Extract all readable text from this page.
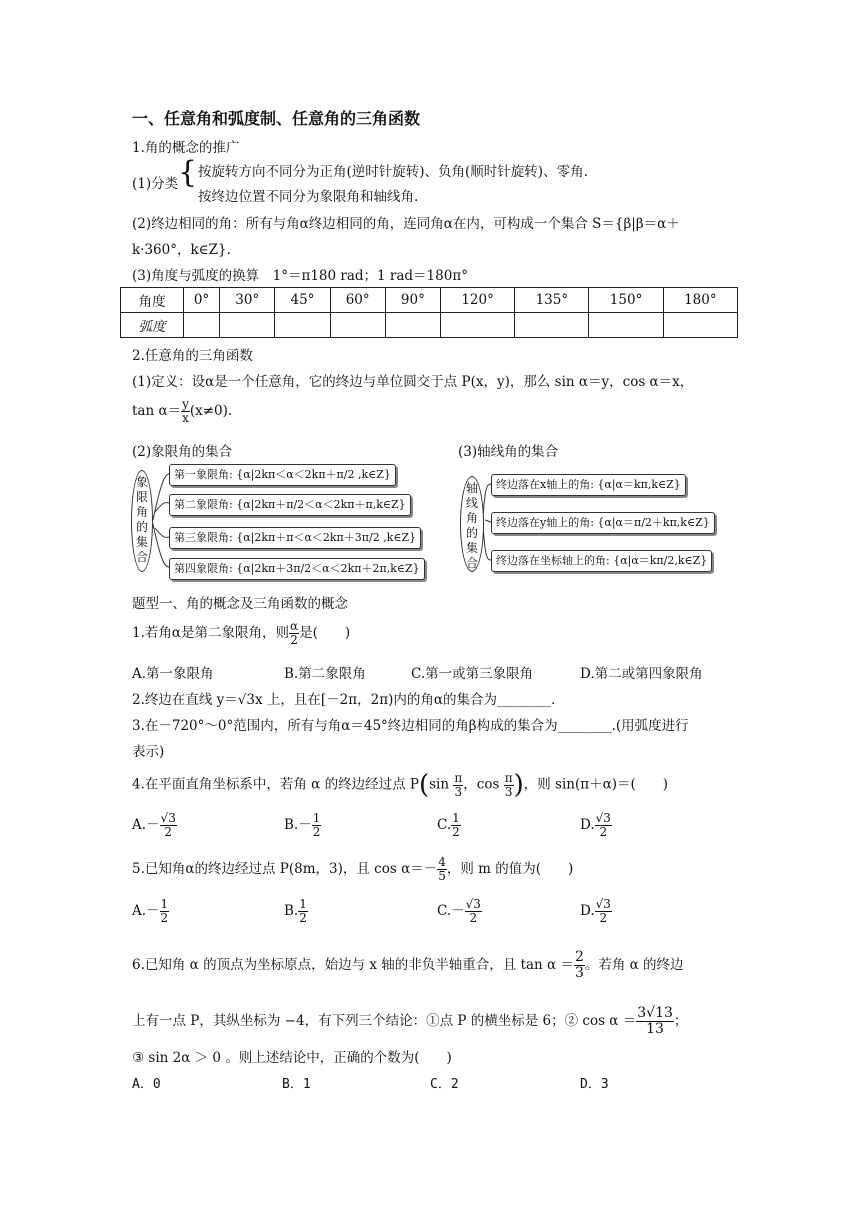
一、任意角和弧度制、任意角的三角函数
1.角的概念的推广
(1)分类 { 按旋转方向不同分为正角(逆时针旋转)、负角(顺时针旋转)、零角.
按终边位置不同分为象限角和轴线角.
(2)终边相同的角：所有与角α终边相同的角，连同角α在内，可构成一个集合 S＝{β|β＝α＋
k·360°，k∈Z}.
(3)角度与弧度的换算　1°＝π180 rad；1 rad＝180π°
角度	0°	30°	45°	60°	90°	120°	135°	150°	180°
弧度									
2.任意角的三角函数
(1)定义：设α是一个任意角，它的终边与单位圆交于点 P(x，y)，那么 sin α＝y，cos α＝x，
$\tan \alpha= \frac{y}{x} (x\ne 0)$.
(2)象限角的集合	(3)轴线角的集合
象限角的集合
第一象限角: {α|2kπ＜α＜2kπ＋π/2 ,k∈Z}
第二象限角: {α|2kπ＋π/2＜α＜2kπ＋π,k∈Z}
第三象限角: {α|2kπ＋π＜α＜2kπ＋3π/2 ,k∈Z}
第四象限角: {α|2kπ＋3π/2＜α＜2kπ＋2π,k∈Z}
轴线角的集合
终边落在x轴上的角: {α|α＝kπ,k∈Z}
终边落在y轴上的角: {α|α＝π/2＋kπ,k∈Z}
终边落在坐标轴上的角: {α|α＝kπ/2,k∈Z}
题型一、角的概念及三角函数的概念
1.若角α是第二象限角，则 $\frac{\alpha}{2}$ 是(　　)
A.第一象限角	B.第二象限角	C.第一或第三象限角	D.第二或第四象限角
2.终边在直线 y＝√3x 上，且在[－2π，2π)内的角α的集合为________.
3.在－720°～0°范围内，所有与角α＝45°终边相同的角β构成的集合为________.(用弧度进行
表示)
4.在平面直角坐标系中，若角 α 的终边经过点 $P(\sin \frac{\pi}{3}$ ，$\cos \frac{\pi}{3}$ )，则 sin(π＋α)＝(　　)
$A.- \frac{√3}{2}$	$B.- \frac{1}{2}$	C. $\frac{1}{2}$	D. $\frac{√3}{2}$
5.已知角α的终边经过点 P(8m，3)，且 $\cos \alpha=- \frac{4}{5}$ ，则 m 的值为(　　)
$A.- \frac{1}{2}$	B. $\frac{1}{2}$	$C.- \frac{√3}{2}$	D. $\frac{√3}{2}$
6.已知角 α 的顶点为坐标原点，始边与 x 轴的非负半轴重合，且 $\tan \alpha = \frac{2}{3}$ 。若角 α 的终边
上有一点 P，其纵坐标为 −4，有下列三个结论：①点 P 的横坐标是 6；② $\cos \alpha = \frac{3√13}{13}$ ；
③ sin 2α ＞ 0 。则上述结论中，正确的个数为(　　)
A．0	B．1	C．2	D．3
